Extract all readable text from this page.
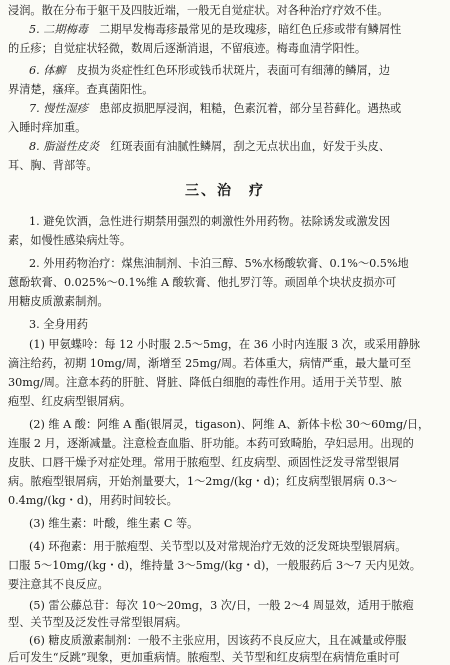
浸润。散在分布于躯干及四肢近端，一般无自觉症状。对各种治疗疗效不佳。
5. 二期梅毒　二期早发梅毒疹最常见的是玫瑰疹，暗红色丘疹或带有鳞屑性
的丘疹；自觉症状轻微，数周后逐渐消退，不留痕迹。梅毒血清学阳性。
6. 体癣　皮损为炎症性红色环形或钱币状斑片，表面可有细薄的鳞屑，边
界清楚，瘙痒。查真菌阳性。
7. 慢性湿疹　患部皮损肥厚浸润，粗糙，色素沉着，部分呈苔藓化。遇热或
入睡时痒加重。
8. 脂溢性皮炎　红斑表面有油腻性鳞屑，刮之无点状出血，好发于头皮、
耳、胸、背部等。
三、治　疗
1. 避免饮酒，急性进行期禁用强烈的刺激性外用药物。祛除诱发或激发因
素，如慢性感染病灶等。
2. 外用药物治疗：煤焦油制剂、卡泊三醇、5%水杨酸软膏、0.1%～0.5%地
蒽酚软膏、0.025%～0.1%维 A 酸软膏、他扎罗汀等。顽固单个块状皮损亦可
用糖皮质激素制剂。
3. 全身用药
(1) 甲氨蝶呤：每 12 小时服 2.5～5mg，在 36 小时内连服 3 次，或采用静脉
滴注给药，初期 10mg/周，渐增至 25mg/周。若体重大，病情严重，最大量可至
30mg/周。注意本药的肝脏、肾脏、降低白细胞的毒性作用。适用于关节型、脓
疱型、红皮病型银屑病。
(2) 维 A 酸：阿维 A 酯(银屑灵，tigason)、阿维 A、新体卡松 30～60mg/日，
连服 2 月，逐渐减量。注意检查血脂、肝功能。本药可致畸胎，孕妇忌用。出现的
皮肤、口唇干燥予对症处理。常用于脓疱型、红皮病型、顽固性泛发寻常型银屑
病。脓疱型银屑病，开始剂量要大，1～2mg/(kg・d)；红皮病型银屑病 0.3～
0.4mg/(kg・d)，用药时间较长。
(3) 维生素：叶酸，维生素 C 等。
(4) 环孢素：用于脓疱型、关节型以及对常规治疗无效的泛发斑块型银屑病。
口服 5～10mg/(kg・d)，维持量 3～5mg/(kg・d)，一般服药后 3～7 天内见效。
要注意其不良反应。
(5) 雷公藤总苷：每次 10～20mg，3 次/日，一般 2～4 周显效，适用于脓疱
型、关节型及泛发性寻常型银屑病。
(6) 糖皮质激素制剂：一般不主张应用，因该药不良反应大，且在减量或停服
后可发生“反跳”现象，更加重病情。脓疱型、关节型和红皮病型在病情危重时可
